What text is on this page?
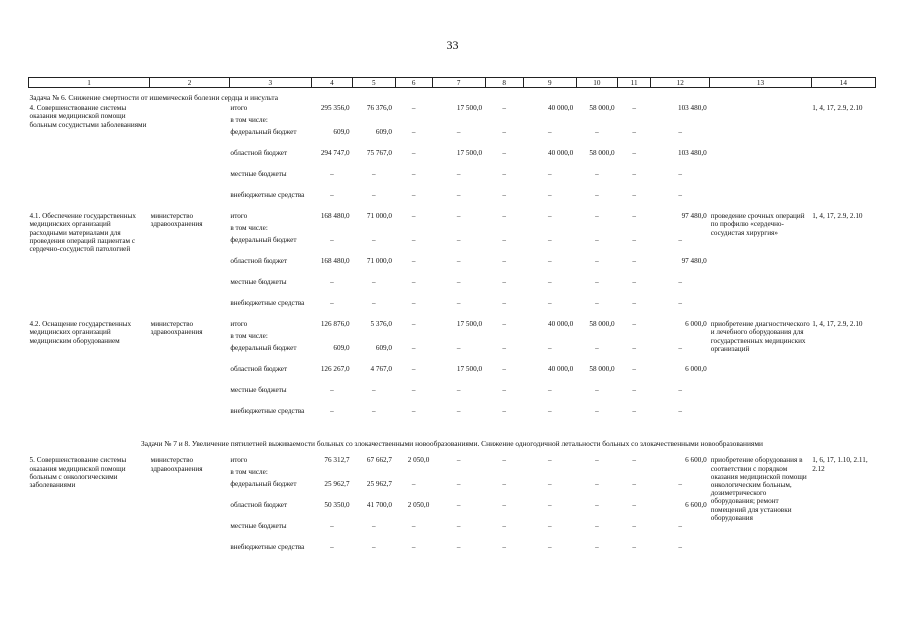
33
1	2	3	4	5	6	7	8	9	10	11	12	13	14
Задача № 6. Снижение смертности от ишемической болезни сердца и инсульта													
4. Совершенствование системы оказания медицинской помощи больным сосудистыми заболеваниями		итого	295 356,0	76 376,0	–	17 500,0	–	40 000,0	58 000,0	–	103 480,0		1, 4, 17, 2.9, 2.10
		в том числе:											
		федеральный бюджет	609,0	609,0	–	–	–	–	–	–	–		
		областной бюджет	294 747,0	75 767,0	–	17 500,0	–	40 000,0	58 000,0	–	103 480,0		
		местные бюджеты	–	–	–	–	–	–	–	–	–		
		внебюджетные средства	–	–	–	–	–	–	–	–	–		
4.1. Обеспечение государственных медицинских организаций расходными материалами для проведения операций пациентам с сердечно-сосудистой патологией	министерство здравоохранения	итого	168 480,0	71 000,0	–	–	–	–	–	–	97 480,0	проведение срочных операций по профилю «сердечно-сосудистая хирургия»	1, 4, 17, 2.9, 2.10
		в том числе:											
		федеральный бюджет	–	–	–	–	–	–	–	–	–		
		областной бюджет	168 480,0	71 000,0	–	–	–	–	–	–	97 480,0		
		местные бюджеты	–	–	–	–	–	–	–	–	–		
		внебюджетные средства	–	–	–	–	–	–	–	–	–		
4.2. Оснащение государственных медицинских организаций медицинским оборудованием	министерство здравоохранения	итого	126 876,0	5 376,0	–	17 500,0	–	40 000,0	58 000,0	–	6 000,0	приобретение диагностического и лечебного оборудования для государственных медицинских организаций	1, 4, 17, 2.9, 2.10
		в том числе:											
		федеральный бюджет	609,0	609,0	–	–	–	–	–	–	–		
		областной бюджет	126 267,0	4 767,0	–	17 500,0	–	40 000,0	58 000,0	–	6 000,0		
		местные бюджеты	–	–	–	–	–	–	–	–	–		
		внебюджетные средства	–	–	–	–	–	–	–	–	–		
Задачи № 7 и 8. Увеличение пятилетней выживаемости больных со злокачественными новообразованиями. Снижение одногодичной летальности больных со злокачественными новообразованиями													
5. Совершенствование системы оказания медицинской помощи больным с онкологическими заболеваниями	министерство здравоохранения	итого	76 312,7	67 662,7	2 050,0	–	–	–	–	–	6 600,0	приобретение оборудования в соответствии с порядком оказания медицинской помощи онкологическим больным, дозиметрического оборудования; ремонт помещений для установки оборудования	1, 6, 17, 1.10, 2.11, 2.12
		в том числе:											
		федеральный бюджет	25 962,7	25 962,7	–	–	–	–	–	–	–		
		областной бюджет	50 350,0	41 700,0	2 050,0	–	–	–	–	–	6 600,0		
		местные бюджеты	–	–	–	–	–	–	–	–	–		
		внебюджетные средства	–	–	–	–	–	–	–	–	–		
